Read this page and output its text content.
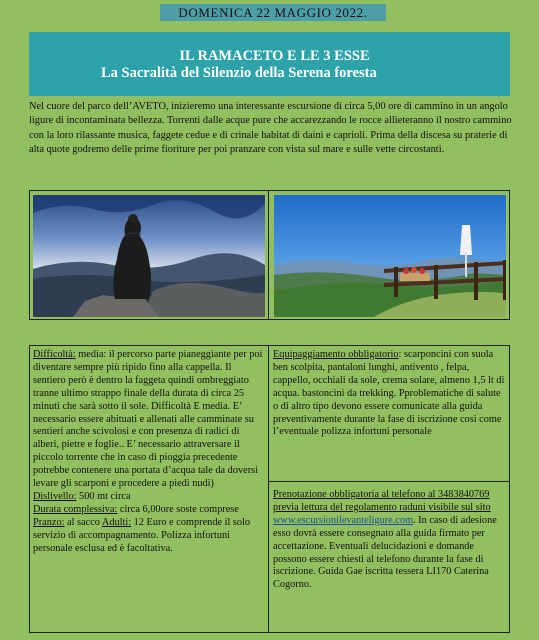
DOMENICA 22 MAGGIO 2022.
IL RAMACETO E LE 3 ESSE
La Sacralità del Silenzio della Serena foresta
Nel cuore del parco dell’AVETO, inizieremo una interessante escursione di circa 5,00 ore di cammino in un angolo ligure di incontaminata bellezza. Torrenti dalle acque pure che accarezzando le rocce allieteranno il nostro cammino con la loro rilassante musica, faggete cedue e di crinale habitat di daini e caprioli. Prima della discesa su praterie di alta quote godremo delle prime fioriture per poi pranzare con vista sul mare e sulle vette circostanti.

Difficoltà: media: il percorso parte pianeggiante per poi diventare sempre più ripido fino alla cappella. Il sentiero però è dentro la faggeta quindi ombreggiato tranne ultimo strappo finale della durata di circa 25 minuti che sarà sotto il sole. Difficoltà E media. E’ necessario essere abituati e allenati alle camminate su sentieri anche scivolosi e con presenza di radici di alberi, pietre e foglie.. E’ necessario attraversare il piccolo torrente che in caso di pioggia precedente potrebbe contenere una portata d’acqua tale da doversi levare gli scarponi e procedere a piedi nudi)

Dislivello: 500 mt circa

Durata complessiva: circa 6,00ore soste comprese

Pranzo: al sacco Adulti: 12 Euro e comprende il solo servizio di accompagnamento. Polizza infortuni personale esclusa ed è facoltativa.

Equipaggiamento obbligatorio: scarponcini con suola ben scolpita, pantaloni lunghi, antivento , felpa, cappello, occhiali da sole, crema solare, almeno 1,5 lt di acqua. bastoncini da trekking. Pproblematiche di salute o di altro tipo devono essere comunicate alla guida preventivamente durante la fase di iscrizione cosi come l’eventuale polizza infortuni personale

Prenotazione obbligatoria al telefono al 3483840769 previa lettura del regolamento raduni visibile sul sito www.escursionilevanteligure.com. In caso di adesione esso dovrà essere consegnato alla guida firmato per accettazione. Eventuali delucidazioni e domande possono essere chiesti al telefono durante la fase di iscrizione. Guida Gae iscritta tessera LI170 Caterina Cogorno.
